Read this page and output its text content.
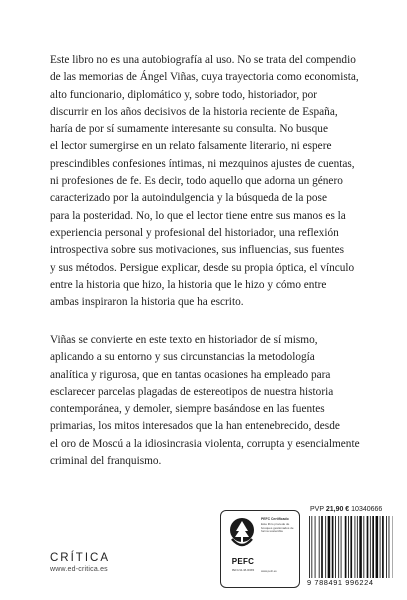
Este libro no es una autobiografía al uso. No se trata del compendio
de las memorias de Ángel Viñas, cuya trayectoria como economista,
alto funcionario, diplomático y, sobre todo, historiador, por
discurrir en los años decisivos de la historia reciente de España,
haría de por sí sumamente interesante su consulta. No busque
el lector sumergirse en un relato falsamente literario, ni espere
prescindibles confesiones íntimas, ni mezquinos ajustes de cuentas,
ni profesiones de fe. Es decir, todo aquello que adorna un género
caracterizado por la autoindulgencia y la búsqueda de la pose
para la posteridad. No, lo que el lector tiene entre sus manos es la
experiencia personal y profesional del historiador, una reflexión
introspectiva sobre sus motivaciones, sus influencias, sus fuentes
y sus métodos. Persigue explicar, desde su propia óptica, el vínculo
entre la historia que hizo, la historia que le hizo y cómo entre
ambas inspiraron la historia que ha escrito.
Viñas se convierte en este texto en historiador de sí mismo,
aplicando a su entorno y sus circunstancias la metodología
analítica y rigurosa, que en tantas ocasiones ha empleado para
esclarecer parcelas plagadas de estereotipos de nuestra historia
contemporánea, y demoler, siempre basándose en las fuentes
primarias, los mitos interesados que la han entenebrecido, desde
el oro de Moscú a la idiosincrasia violenta, corrupta y esencialmente
criminal del franquismo.
CRÍTICA
www.ed-critica.es
PEFC Certificado
Este libro procede de bosques gestionados de forma sostenible
PEFC
PEFC/14-38-00083	www.pefc.es
PVP 21,90 € 10340666
9 788491 996224
